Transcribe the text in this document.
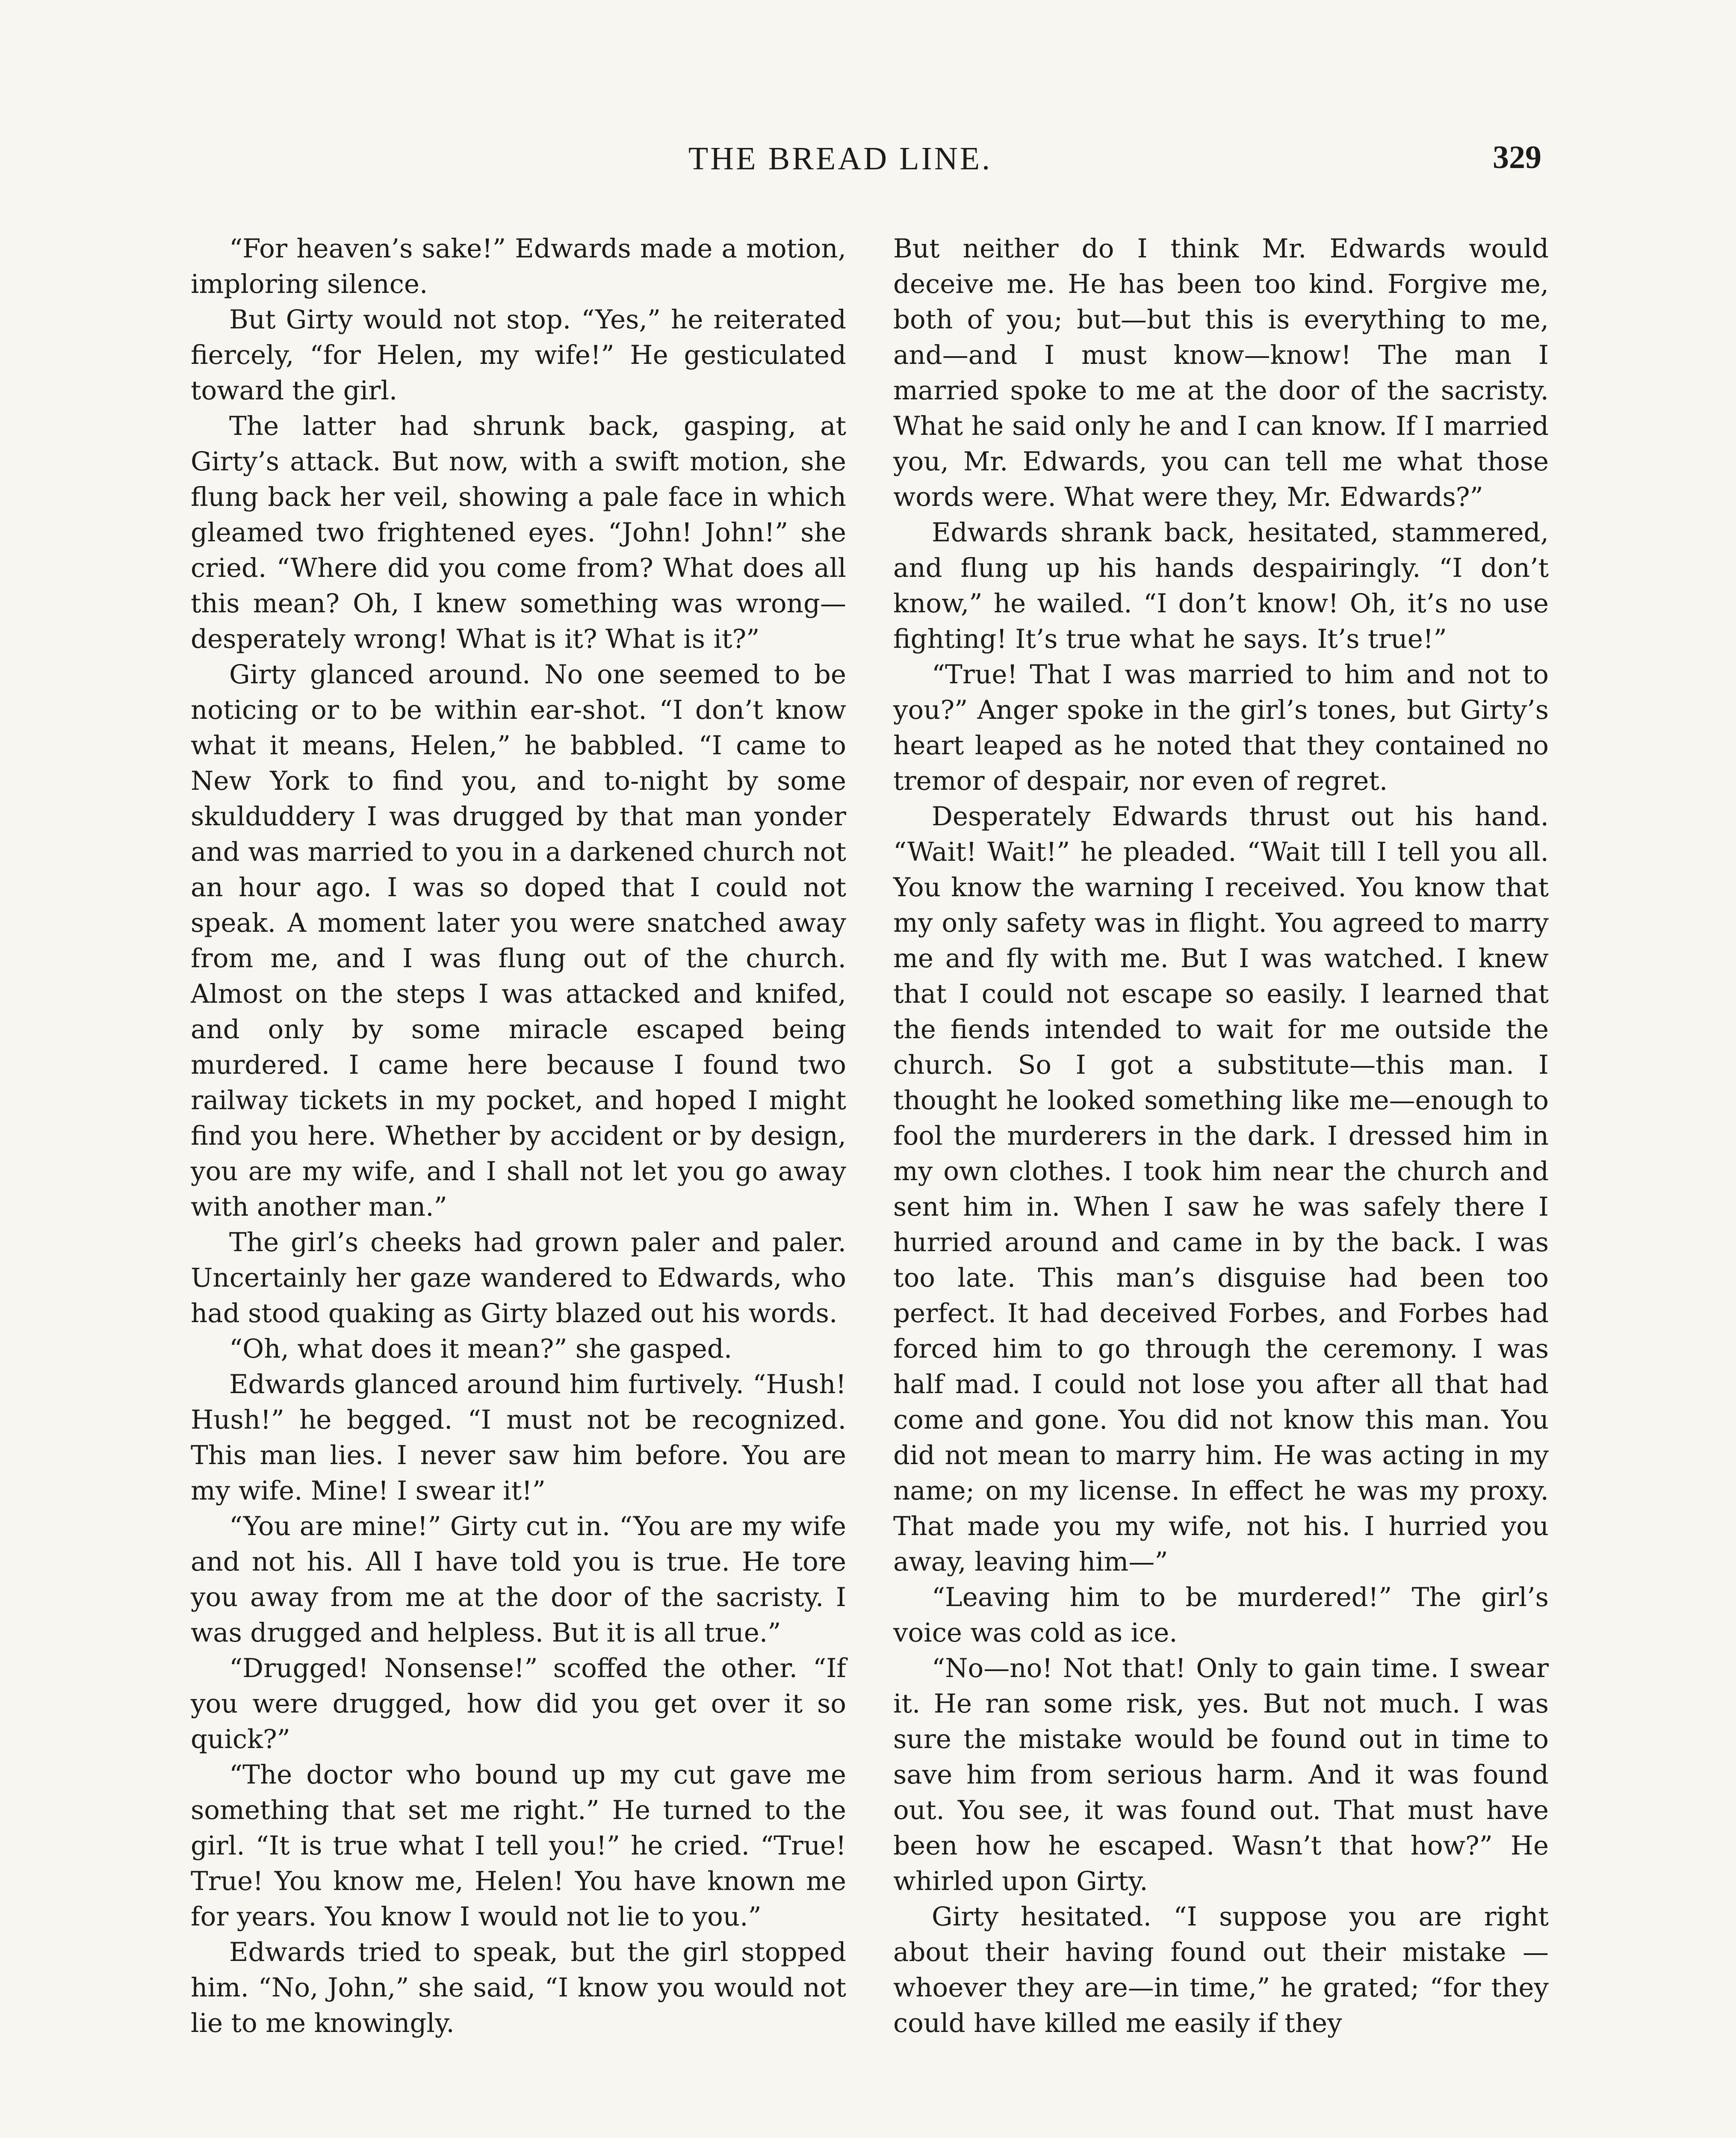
THE BREAD LINE.	329

“For heaven’s sake!” Edwards made a motion, imploring silence.

But Girty would not stop. “Yes,” he reiterated fiercely, “for Helen, my wife!” He gesticulated toward the girl.

The latter had shrunk back, gasping, at Girty’s attack. But now, with a swift motion, she flung back her veil, showing a pale face in which gleamed two frightened eyes. “John! John!” she cried. “Where did you come from? What does all this mean? Oh, I knew something was wrong—desperately wrong! What is it? What is it?”

Girty glanced around. No one seemed to be noticing or to be within ear-shot. “I don’t know what it means, Helen,” he babbled. “I came to New York to find you, and to-night by some skulduddery I was drugged by that man yonder and was married to you in a darkened church not an hour ago. I was so doped that I could not speak. A moment later you were snatched away from me, and I was flung out of the church. Almost on the steps I was attacked and knifed, and only by some miracle escaped being murdered. I came here because I found two railway tickets in my pocket, and hoped I might find you here. Whether by accident or by design, you are my wife, and I shall not let you go away with another man.”

The girl’s cheeks had grown paler and paler. Uncertainly her gaze wandered to Edwards, who had stood quaking as Girty blazed out his words.

“Oh, what does it mean?” she gasped.

Edwards glanced around him furtively. “Hush! Hush!” he begged. “I must not be recognized. This man lies. I never saw him before. You are my wife. Mine! I swear it!”

“You are mine!” Girty cut in. “You are my wife and not his. All I have told you is true. He tore you away from me at the door of the sacristy. I was drugged and helpless. But it is all true.”

“Drugged! Nonsense!” scoffed the other. “If you were drugged, how did you get over it so quick?”

“The doctor who bound up my cut gave me something that set me right.” He turned to the girl. “It is true what I tell you!” he cried. “True! True! You know me, Helen! You have known me for years. You know I would not lie to you.”

Edwards tried to speak, but the girl stopped him. “No, John,” she said, “I know you would not lie to me knowingly.

But neither do I think Mr. Edwards would deceive me. He has been too kind. Forgive me, both of you; but—but this is everything to me, and—and I must know—know! The man I married spoke to me at the door of the sacristy. What he said only he and I can know. If I married you, Mr. Edwards, you can tell me what those words were. What were they, Mr. Edwards?”

Edwards shrank back, hesitated, stammered, and flung up his hands despairingly. “I don’t know,” he wailed. “I don’t know! Oh, it’s no use fighting! It’s true what he says. It’s true!”

“True! That I was married to him and not to you?” Anger spoke in the girl’s tones, but Girty’s heart leaped as he noted that they contained no tremor of despair, nor even of regret.

Desperately Edwards thrust out his hand. “Wait! Wait!” he pleaded. “Wait till I tell you all. You know the warning I received. You know that my only safety was in flight. You agreed to marry me and fly with me. But I was watched. I knew that I could not escape so easily. I learned that the fiends intended to wait for me outside the church. So I got a substitute—this man. I thought he looked something like me—enough to fool the murderers in the dark. I dressed him in my own clothes. I took him near the church and sent him in. When I saw he was safely there I hurried around and came in by the back. I was too late. This man’s disguise had been too perfect. It had deceived Forbes, and Forbes had forced him to go through the ceremony. I was half mad. I could not lose you after all that had come and gone. You did not know this man. You did not mean to marry him. He was acting in my name; on my license. In effect he was my proxy. That made you my wife, not his. I hurried you away, leaving him—”

“Leaving him to be murdered!” The girl’s voice was cold as ice.

“No—no! Not that! Only to gain time. I swear it. He ran some risk, yes. But not much. I was sure the mistake would be found out in time to save him from serious harm. And it was found out. You see, it was found out. That must have been how he escaped. Wasn’t that how?” He whirled upon Girty.

Girty hesitated. “I suppose you are right about their having found out their mistake —whoever they are—in time,” he grated; “for they could have killed me easily if they
